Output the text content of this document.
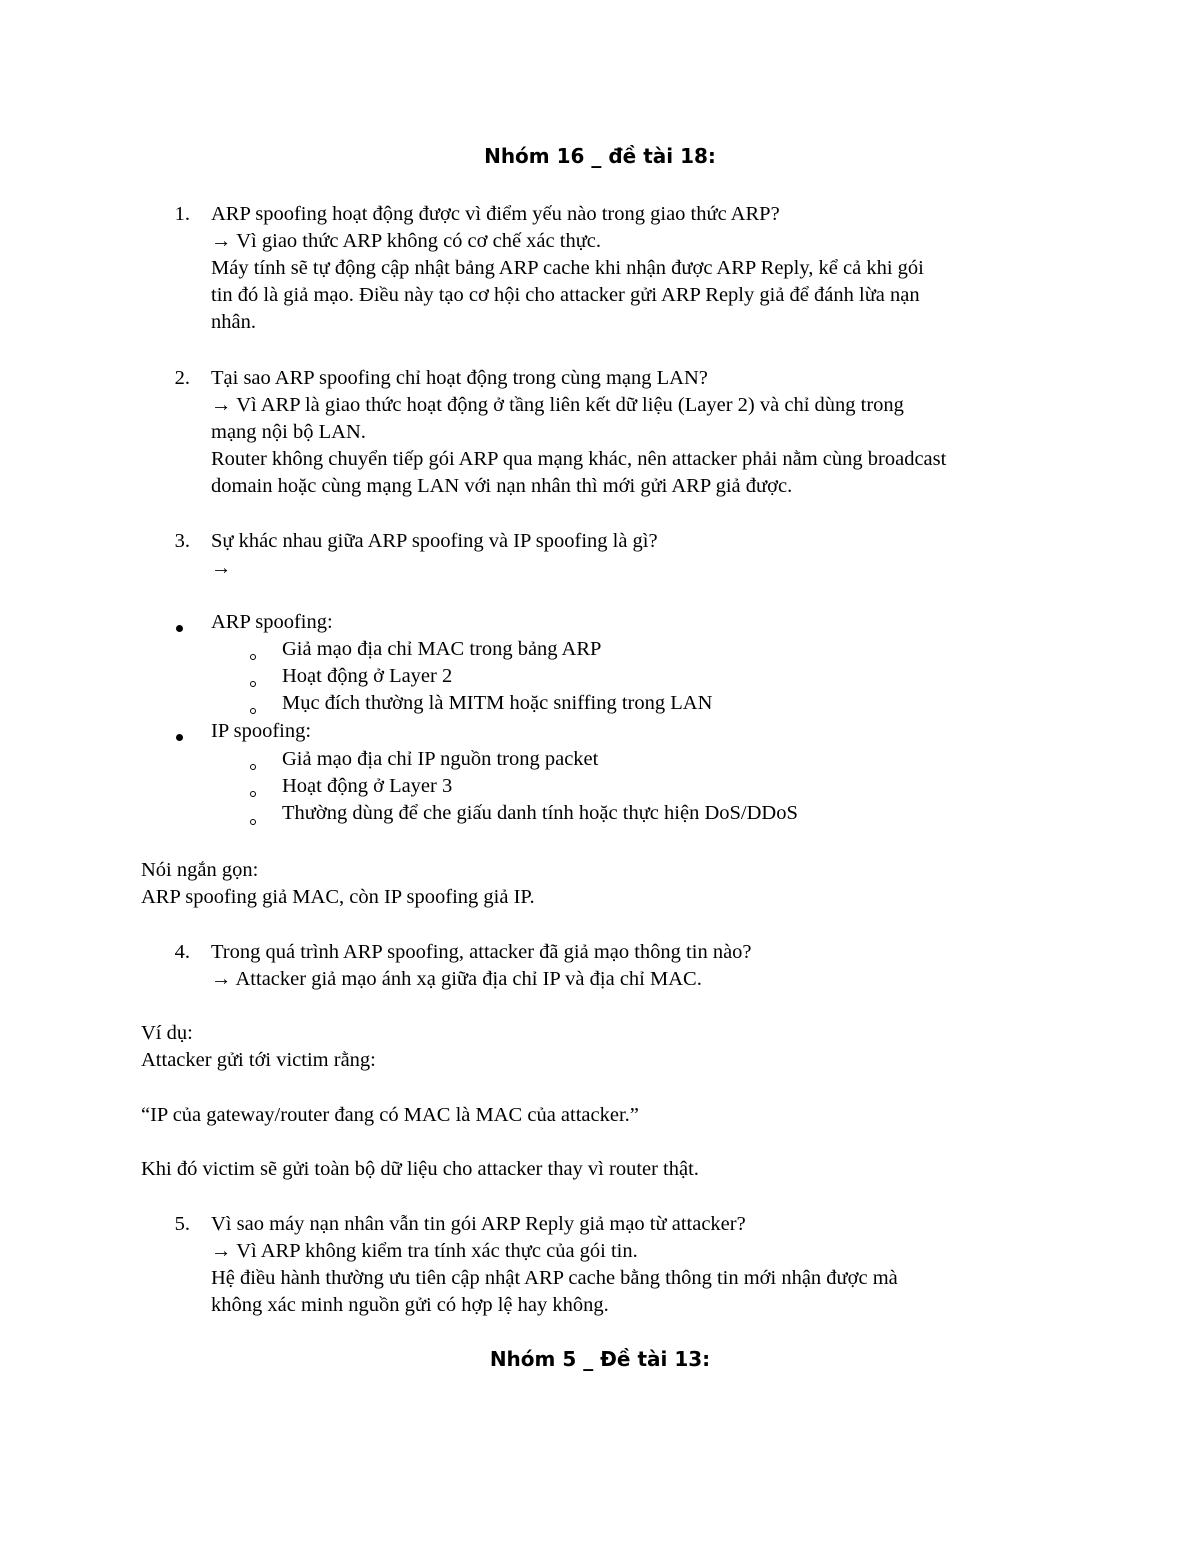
Nhóm 16 _ đề tài 18:
1. ARP spoofing hoạt động được vì điểm yếu nào trong giao thức ARP?
→ Vì giao thức ARP không có cơ chế xác thực.
Máy tính sẽ tự động cập nhật bảng ARP cache khi nhận được ARP Reply, kể cả khi gói
tin đó là giả mạo. Điều này tạo cơ hội cho attacker gửi ARP Reply giả để đánh lừa nạn
nhân.
2. Tại sao ARP spoofing chỉ hoạt động trong cùng mạng LAN?
→ Vì ARP là giao thức hoạt động ở tầng liên kết dữ liệu (Layer 2) và chỉ dùng trong
mạng nội bộ LAN.
Router không chuyển tiếp gói ARP qua mạng khác, nên attacker phải nằm cùng broadcast
domain hoặc cùng mạng LAN với nạn nhân thì mới gửi ARP giả được.
3. Sự khác nhau giữa ARP spoofing và IP spoofing là gì?
→
ARP spoofing:
Giả mạo địa chỉ MAC trong bảng ARP
Hoạt động ở Layer 2
Mục đích thường là MITM hoặc sniffing trong LAN
IP spoofing:
Giả mạo địa chỉ IP nguồn trong packet
Hoạt động ở Layer 3
Thường dùng để che giấu danh tính hoặc thực hiện DoS/DDoS
Nói ngắn gọn:
ARP spoofing giả MAC, còn IP spoofing giả IP.
4. Trong quá trình ARP spoofing, attacker đã giả mạo thông tin nào?
→ Attacker giả mạo ánh xạ giữa địa chỉ IP và địa chỉ MAC.
Ví dụ:
Attacker gửi tới victim rằng:
“IP của gateway/router đang có MAC là MAC của attacker.”
Khi đó victim sẽ gửi toàn bộ dữ liệu cho attacker thay vì router thật.
5. Vì sao máy nạn nhân vẫn tin gói ARP Reply giả mạo từ attacker?
→ Vì ARP không kiểm tra tính xác thực của gói tin.
Hệ điều hành thường ưu tiên cập nhật ARP cache bằng thông tin mới nhận được mà
không xác minh nguồn gửi có hợp lệ hay không.
Nhóm 5 _ Đề tài 13:
